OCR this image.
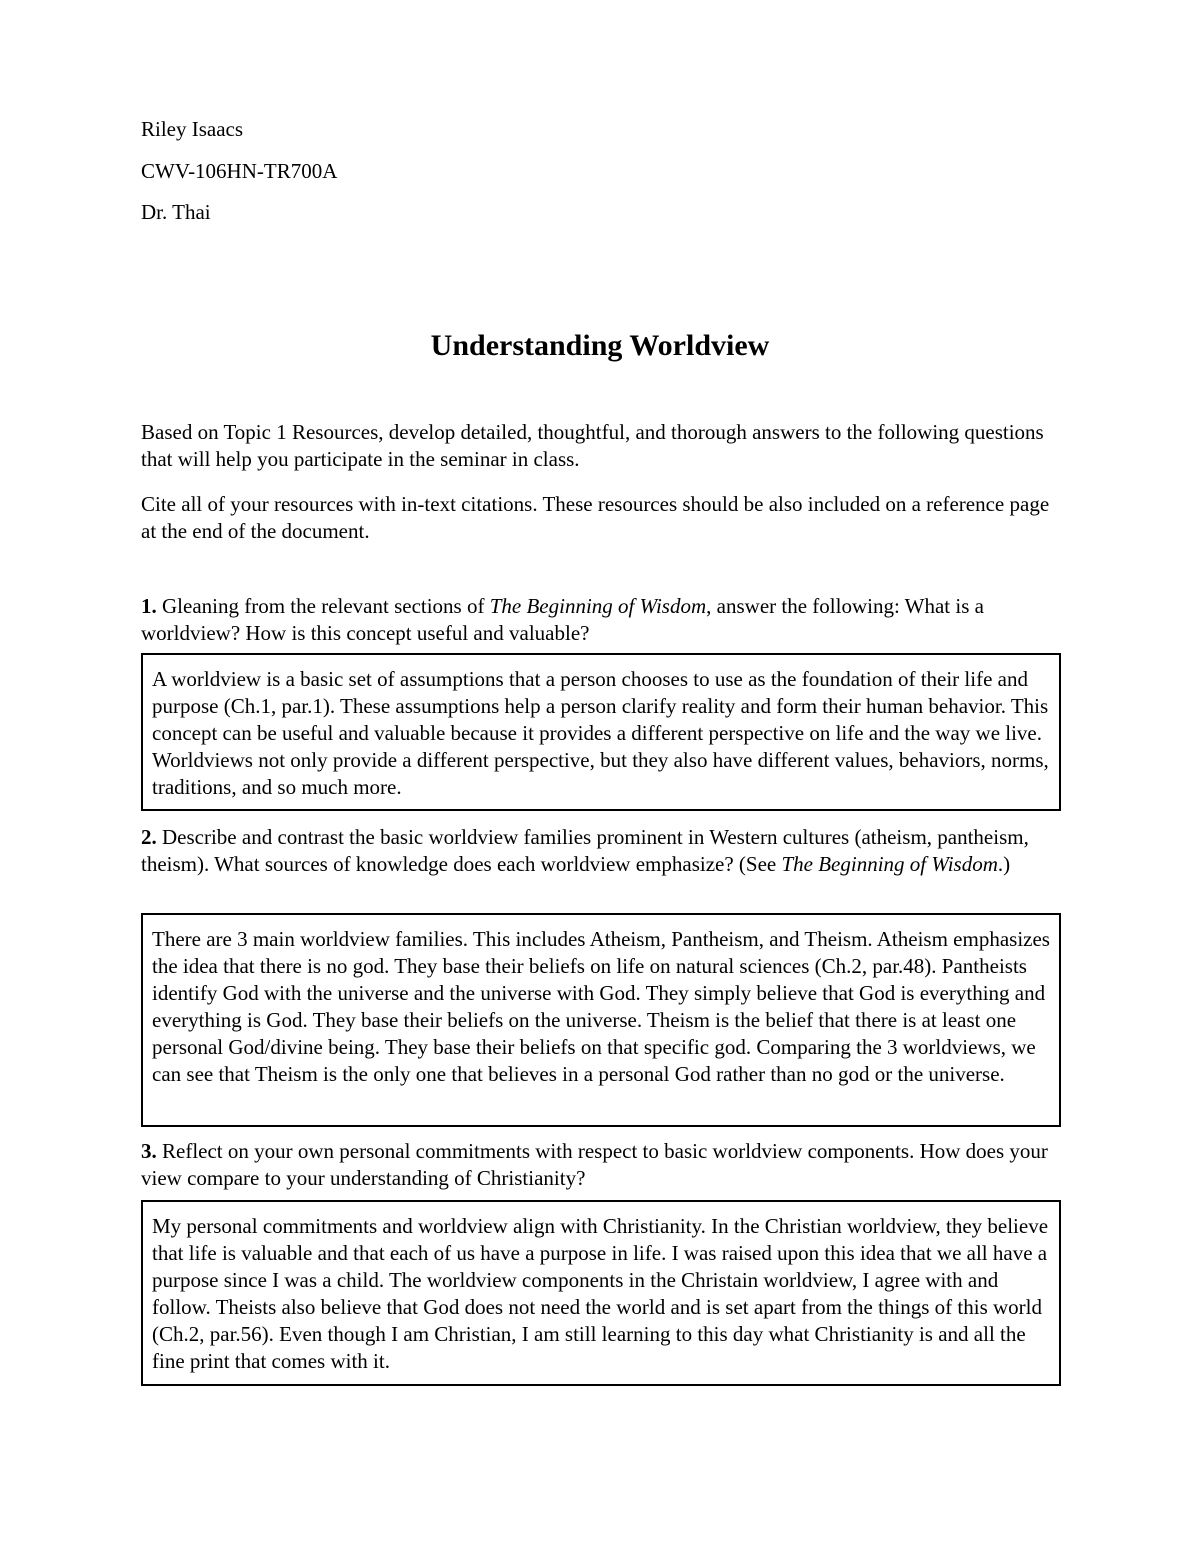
Riley Isaacs
CWV-106HN-TR700A
Dr. Thai
Understanding Worldview
Based on Topic 1 Resources, develop detailed, thoughtful, and thorough answers to the following questions that will help you participate in the seminar in class.
Cite all of your resources with in-text citations. These resources should be also included on a reference page at the end of the document.
1. Gleaning from the relevant sections of The Beginning of Wisdom, answer the following: What is a worldview? How is this concept useful and valuable?
A worldview is a basic set of assumptions that a person chooses to use as the foundation of their life and purpose (Ch.1, par.1). These assumptions help a person clarify reality and form their human behavior. This concept can be useful and valuable because it provides a different perspective on life and the way we live. Worldviews not only provide a different perspective, but they also have different values, behaviors, norms, traditions, and so much more.
2. Describe and contrast the basic worldview families prominent in Western cultures (atheism, pantheism, theism). What sources of knowledge does each worldview emphasize? (See The Beginning of Wisdom.)
There are 3 main worldview families. This includes Atheism, Pantheism, and Theism. Atheism emphasizes the idea that there is no god. They base their beliefs on life on natural sciences (Ch.2, par.48). Pantheists identify God with the universe and the universe with God. They simply believe that God is everything and everything is God. They base their beliefs on the universe. Theism is the belief that there is at least one personal God/divine being. They base their beliefs on that specific god. Comparing the 3 worldviews, we can see that Theism is the only one that believes in a personal God rather than no god or the universe.
3. Reflect on your own personal commitments with respect to basic worldview components. How does your view compare to your understanding of Christianity?
My personal commitments and worldview align with Christianity. In the Christian worldview, they believe that life is valuable and that each of us have a purpose in life. I was raised upon this idea that we all have a purpose since I was a child. The worldview components in the Christain worldview, I agree with and follow. Theists also believe that God does not need the world and is set apart from the things of this world (Ch.2, par.56). Even though I am Christian, I am still learning to this day what Christianity is and all the fine print that comes with it.
